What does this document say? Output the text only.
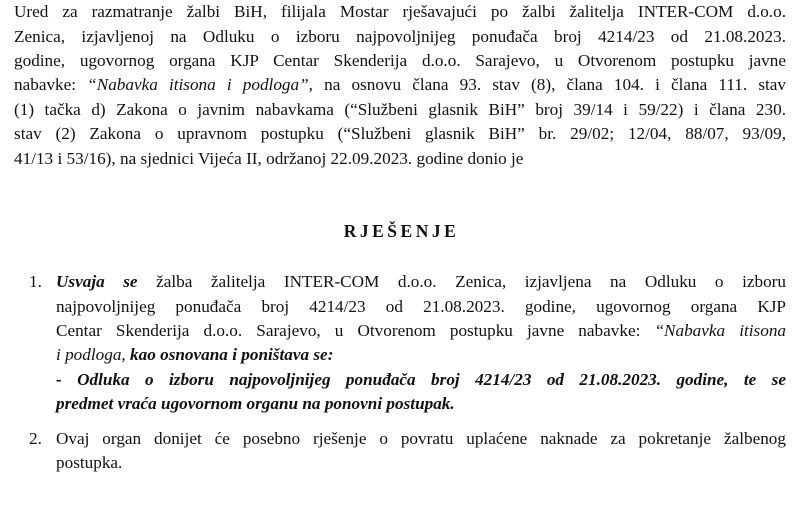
Ured za razmatranje žalbi BiH, filijala Mostar rješavajući po žalbi žalitelja INTER-COM d.o.o.
Zenica, izjavljenoj na Odluku o izboru najpovoljnijeg ponuđača broj 4214/23 od 21.08.2023.
godine, ugovornog organa KJP Centar Skenderija d.o.o. Sarajevo, u Otvorenom postupku javne
nabavke: “Nabavka itisona i podloga”, na osnovu člana 93. stav (8), člana 104. i člana 111. stav
(1) tačka d) Zakona o javnim nabavkama (“Službeni glasnik BiH” broj 39/14 i 59/22) i člana 230.
stav (2) Zakona o upravnom postupku (“Službeni glasnik BiH” br. 29/02; 12/04, 88/07, 93/09,
41/13 i 53/16), na sjednici Vijeća II, održanoj 22.09.2023. godine donio je
RJEŠENJE
1. Usvaja se žalba žalitelja INTER-COM d.o.o. Zenica, izjavljena na Odluku o izboru
najpovoljnijeg ponuđača broj 4214/23 od 21.08.2023. godine, ugovornog organa KJP
Centar Skenderija d.o.o. Sarajevo, u Otvorenom postupku javne nabavke: “Nabavka itisona
i podloga, kao osnovana i poništava se:
- Odluka o izboru najpovoljnijeg ponuđača broj 4214/23 od 21.08.2023. godine, te se
predmet vraća ugovornom organu na ponovni postupak.
2. Ovaj organ donijet će posebno rješenje o povratu uplaćene naknade za pokretanje žalbenog
postupka.
